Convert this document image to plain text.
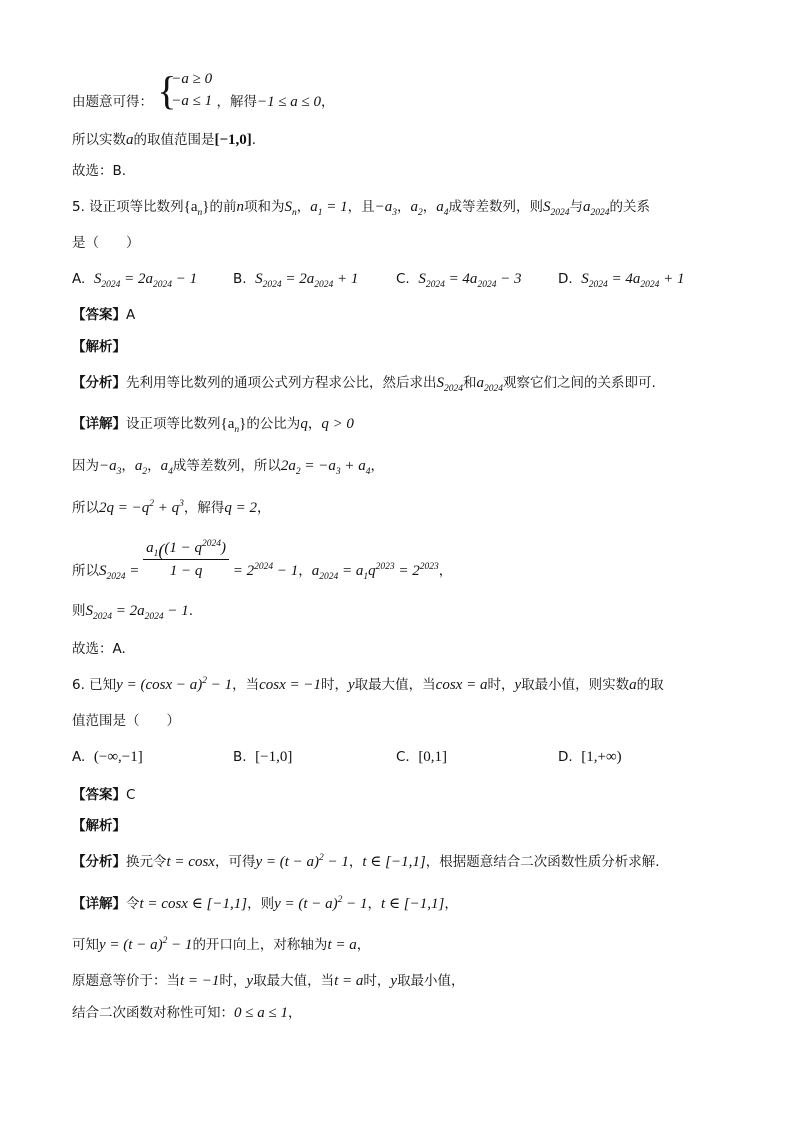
由题意可得： {
−a ≥ 0
−a ≤ 1 ，解得−1 ≤ a ≤ 0，
所以实数a的取值范围是[−1,0].
故选：B.
5. 设正项等比数列$\{a_n\}$的前n项和为$S_n$，$a_1 = 1$，且$-a_3$，$a_2$，$a_4$成等差数列，则$S_{2024}$与$a_{2024}$的关系
是（　　）
A. $S_{2024} = 2a_{2024} - 1$	B. $S_{2024} = 2a_{2024} + 1$	C. $S_{2024} = 4a_{2024} - 3$	D. $S_{2024} = 4a_{2024} + 1$
【答案】A
【解析】
【分析】先利用等比数列的通项公式列方程求公比，然后求出$S_{2024}$和$a_{2024}$观察它们之间的关系即可.
【详解】设正项等比数列$\{a_n\}$的公比为q，q > 0
因为$-a_3$，$a_2$，$a_4$成等差数列，所以$2a_2 = -a_3 + a_4$，
所以$2q = -q^2 + q^3$，解得q = 2，
所以$S_{2024} = \frac{a_1((1 - q^{2024})}{1 - q} = 2^{2024} - 1$，$a_{2024} = a_1q^{2023} = 2^{2023}$，
则$S_{2024} = 2a_{2024} - 1$.
故选：A.
6. 已知$y = (\cos x - a)^2 - 1$，当cosx = −1时，y取最大值，当cosx = a时，y取最小值，则实数a的取
值范围是（　　）
A. (−∞,−1]	B. [−1,0]	C. [0,1]	D. [1,+∞)
【答案】C
【解析】
【分析】换元令t = cosx，可得$y = (t - a)^2 - 1$，t ∈ [−1,1]，根据题意结合二次函数性质分析求解.
【详解】令t = cosx ∈ [−1,1]，则$y = (t - a)^2 - 1$，t ∈ [−1,1]，
可知$y = (t - a)^2 - 1$的开口向上，对称轴为t = a，
原题意等价于：当t = −1时，y取最大值，当t = a时，y取最小值，
结合二次函数对称性可知：0 ≤ a ≤ 1，
